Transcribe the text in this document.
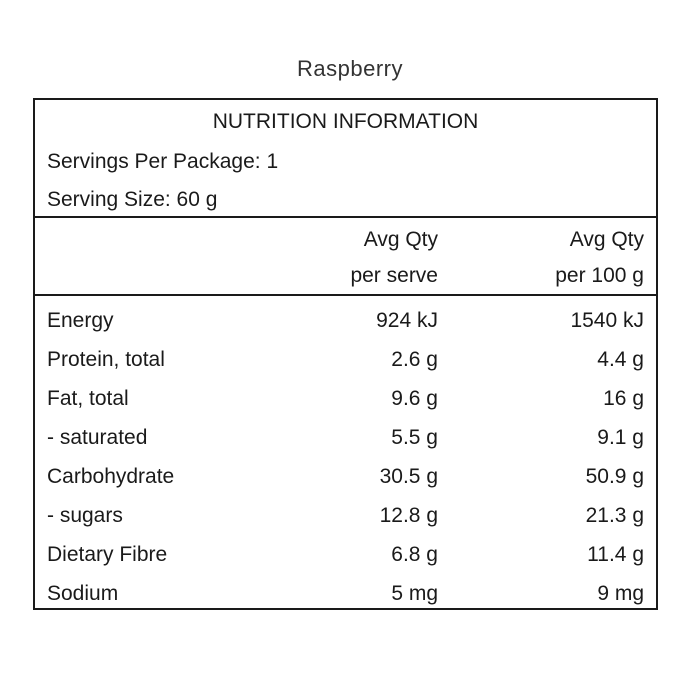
Raspberry
NUTRITION INFORMATION
Servings Per Package: 1
Serving Size: 60 g
Avg Qty
per serve
Avg Qty
per 100 g
Energy	924 kJ	1540 kJ
Protein, total	2.6 g	4.4 g
Fat, total	9.6 g	16 g
- saturated	5.5 g	9.1 g
Carbohydrate	30.5 g	50.9 g
- sugars	12.8 g	21.3 g
Dietary Fibre	6.8 g	11.4 g
Sodium	5 mg	9 mg
